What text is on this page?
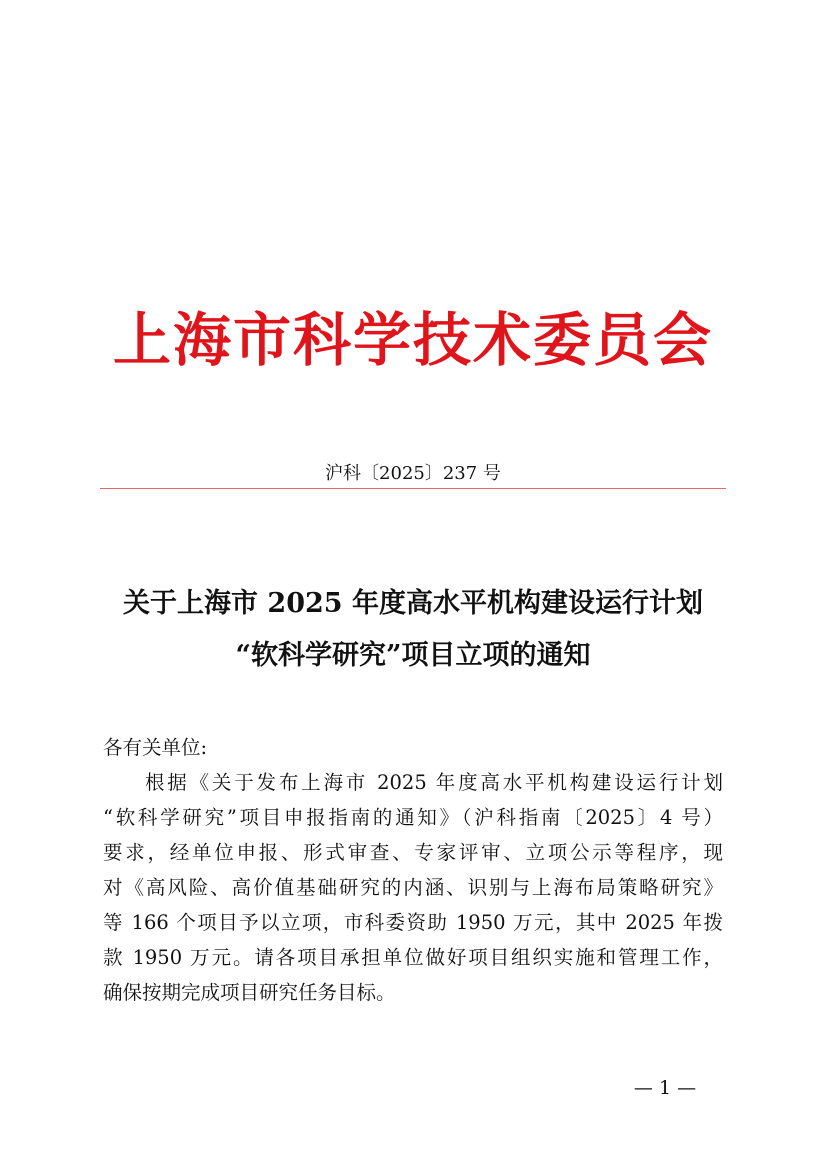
上海市科学技术委员会
沪科〔2025〕237 号
关于上海市 2025 年度高水平机构建设运行计划
“软科学研究”项目立项的通知
各有关单位:
根据《关于发布上海市 2025 年度高水平机构建设运行计划
“软科学研究”项目申报指南的通知》（沪科指南〔2025〕4 号）
要求，经单位申报、形式审查、专家评审、立项公示等程序，现
对《高风险、高价值基础研究的内涵、识别与上海布局策略研究》
等 166 个项目予以立项，市科委资助 1950 万元，其中 2025 年拨
款 1950 万元。请各项目承担单位做好项目组织实施和管理工作，
确保按期完成项目研究任务目标。
— 1 —
